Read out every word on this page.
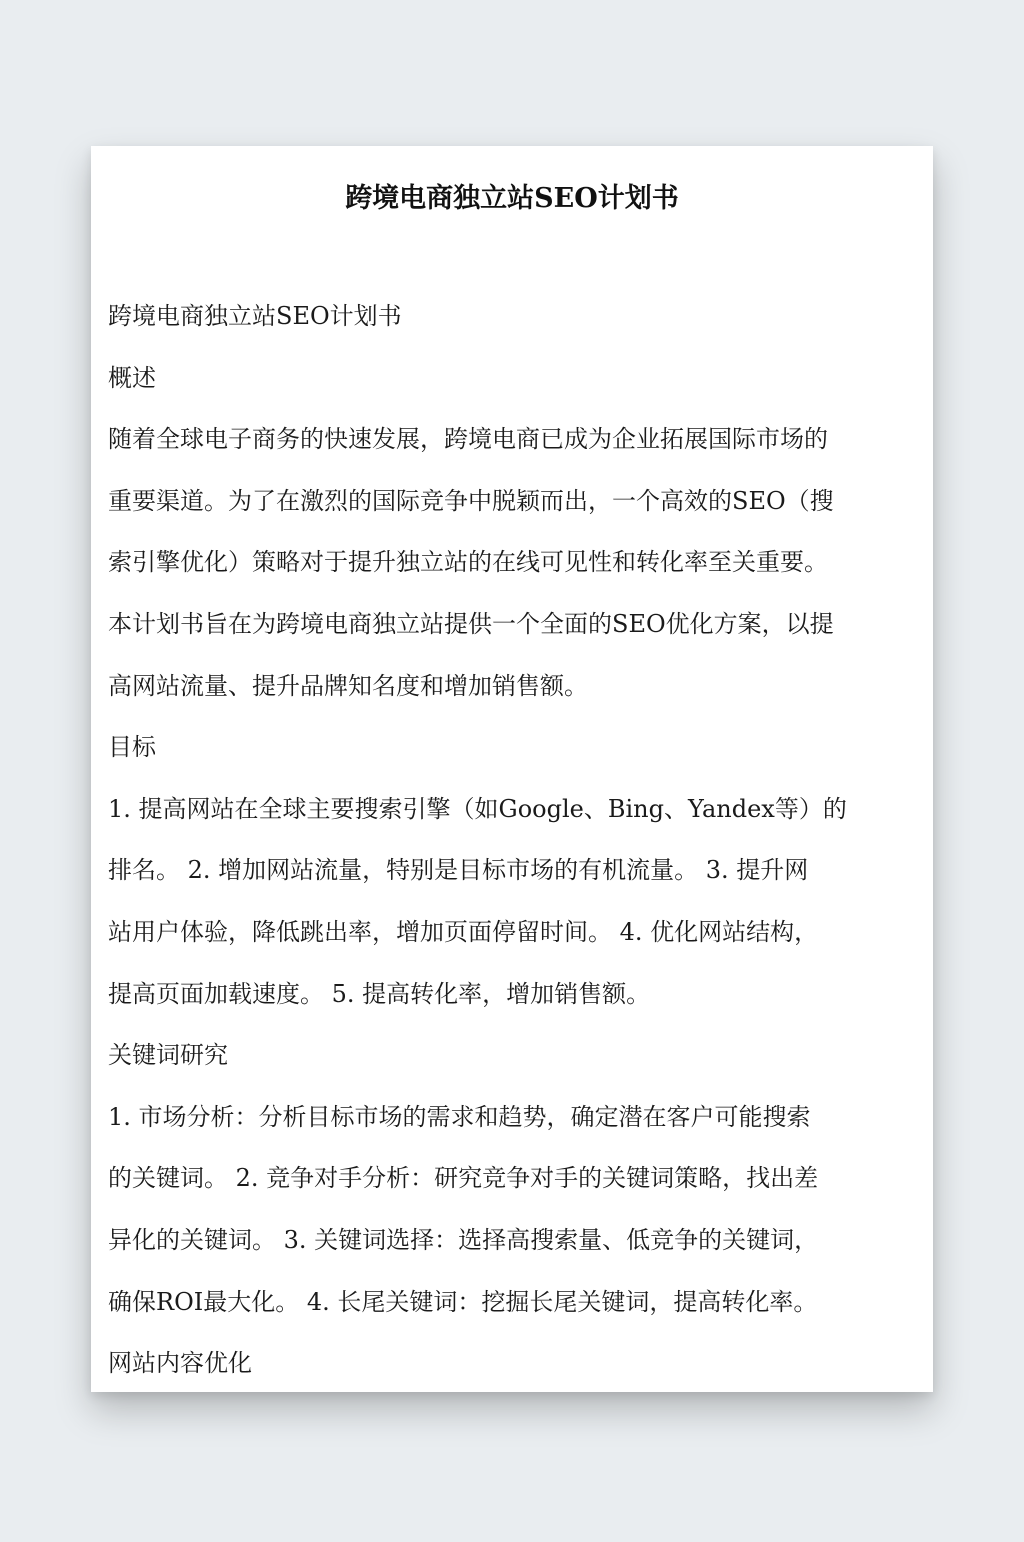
跨境电商独立站SEO计划书
跨境电商独立站SEO计划书
概述
随着全球电子商务的快速发展，跨境电商已成为企业拓展国际市场的
重要渠道。为了在激烈的国际竞争中脱颖而出，一个高效的SEO（搜
索引擎优化）策略对于提升独立站的在线可见性和转化率至关重要。
本计划书旨在为跨境电商独立站提供一个全面的SEO优化方案，以提
高网站流量、提升品牌知名度和增加销售额。
目标
1. 提高网站在全球主要搜索引擎（如Google、Bing、Yandex等）的
排名。 2. 增加网站流量，特别是目标市场的有机流量。 3. 提升网
站用户体验，降低跳出率，增加页面停留时间。 4. 优化网站结构，
提高页面加载速度。 5. 提高转化率，增加销售额。
关键词研究
1. 市场分析：分析目标市场的需求和趋势，确定潜在客户可能搜索
的关键词。 2. 竞争对手分析：研究竞争对手的关键词策略，找出差
异化的关键词。 3. 关键词选择：选择高搜索量、低竞争的关键词，
确保ROI最大化。 4. 长尾关键词：挖掘长尾关键词，提高转化率。
网站内容优化
